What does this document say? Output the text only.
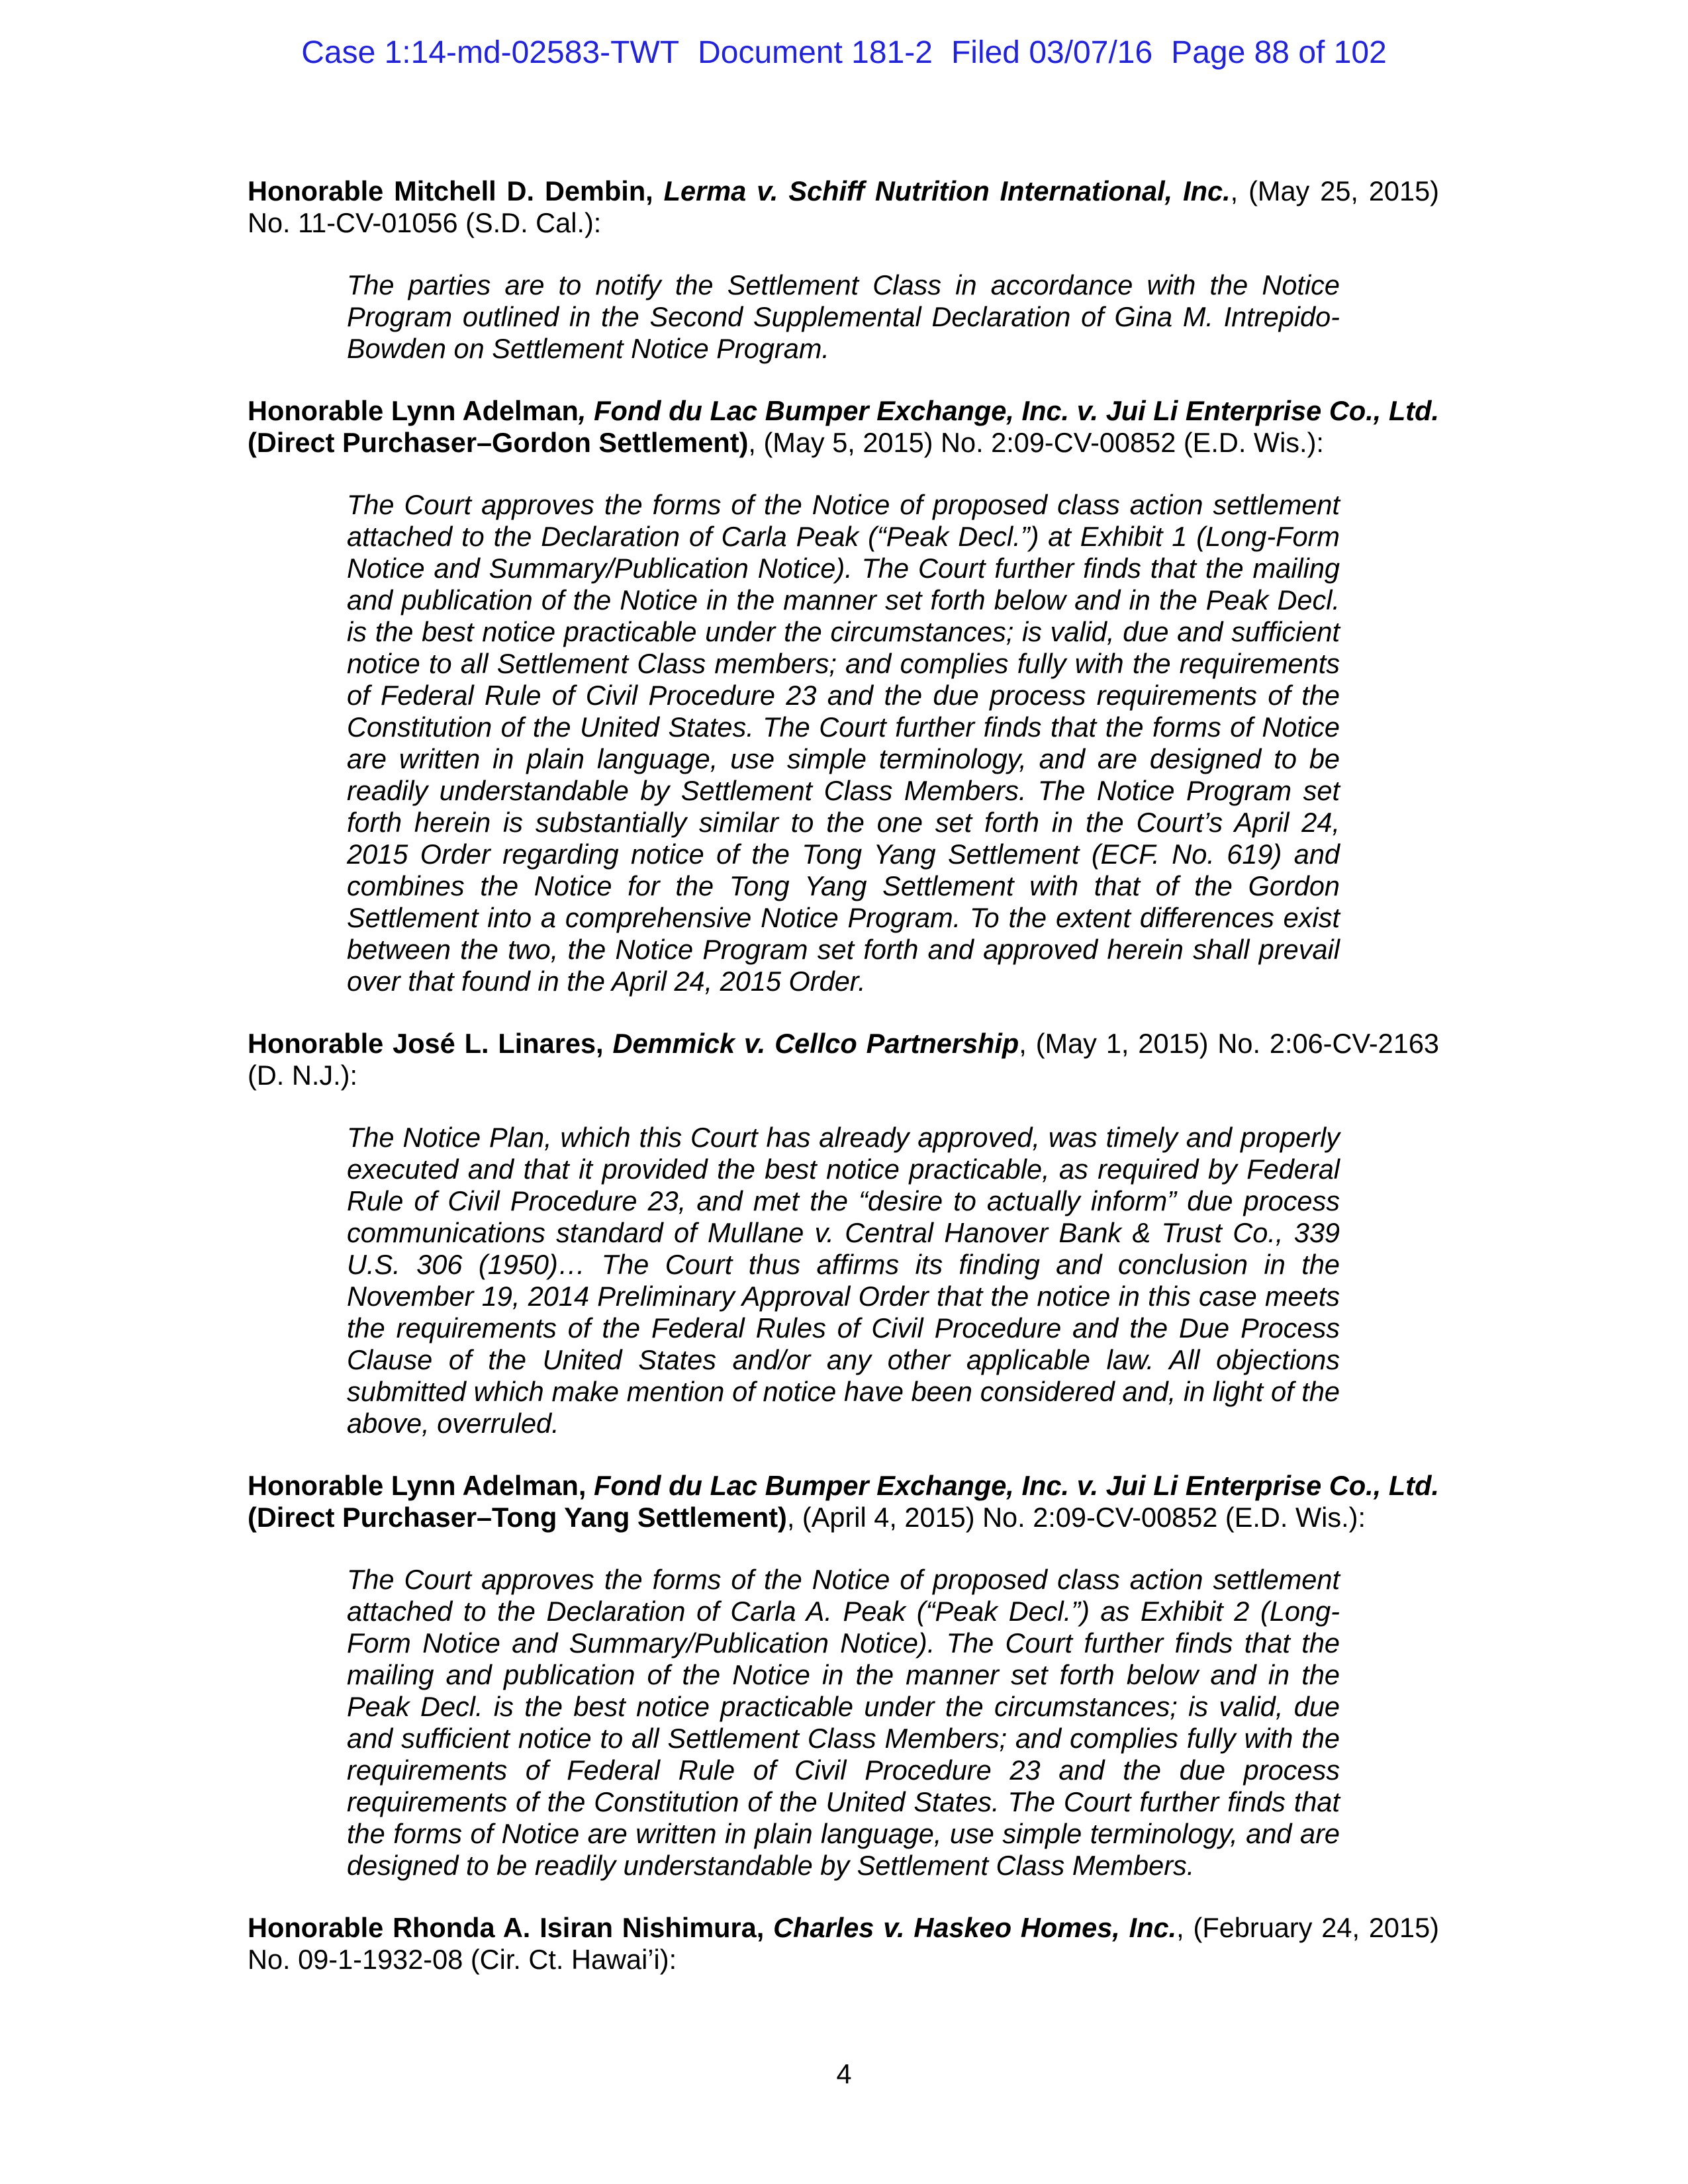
Case 1:14-md-02583-TWT Document 181-2 Filed 03/07/16 Page 88 of 102

Honorable Mitchell D. Dembin, Lerma v. Schiff Nutrition International, Inc., (May 25, 2015) No. 11-CV-01056 (S.D. Cal.):

The parties are to notify the Settlement Class in accordance with the Notice Program outlined in the Second Supplemental Declaration of Gina M. Intrepido-Bowden on Settlement Notice Program.

Honorable Lynn Adelman, Fond du Lac Bumper Exchange, Inc. v. Jui Li Enterprise Co., Ltd. (Direct Purchaser–Gordon Settlement), (May 5, 2015) No. 2:09-CV-00852 (E.D. Wis.):

The Court approves the forms of the Notice of proposed class action settlement attached to the Declaration of Carla Peak (“Peak Decl.”) at Exhibit 1 (Long-Form Notice and Summary/Publication Notice). The Court further finds that the mailing and publication of the Notice in the manner set forth below and in the Peak Decl. is the best notice practicable under the circumstances; is valid, due and sufficient notice to all Settlement Class members; and complies fully with the requirements of Federal Rule of Civil Procedure 23 and the due process requirements of the Constitution of the United States. The Court further finds that the forms of Notice are written in plain language, use simple terminology, and are designed to be readily understandable by Settlement Class Members. The Notice Program set forth herein is substantially similar to the one set forth in the Court’s April 24, 2015 Order regarding notice of the Tong Yang Settlement (ECF. No. 619) and combines the Notice for the Tong Yang Settlement with that of the Gordon Settlement into a comprehensive Notice Program. To the extent differences exist between the two, the Notice Program set forth and approved herein shall prevail over that found in the April 24, 2015 Order.

Honorable José L. Linares, Demmick v. Cellco Partnership, (May 1, 2015) No. 2:06-CV-2163 (D. N.J.):

The Notice Plan, which this Court has already approved, was timely and properly executed and that it provided the best notice practicable, as required by Federal Rule of Civil Procedure 23, and met the “desire to actually inform” due process communications standard of Mullane v. Central Hanover Bank & Trust Co., 339 U.S. 306 (1950)… The Court thus affirms its finding and conclusion in the November 19, 2014 Preliminary Approval Order that the notice in this case meets the requirements of the Federal Rules of Civil Procedure and the Due Process Clause of the United States and/or any other applicable law. All objections submitted which make mention of notice have been considered and, in light of the above, overruled.

Honorable Lynn Adelman, Fond du Lac Bumper Exchange, Inc. v. Jui Li Enterprise Co., Ltd. (Direct Purchaser–Tong Yang Settlement), (April 4, 2015) No. 2:09-CV-00852 (E.D. Wis.):

The Court approves the forms of the Notice of proposed class action settlement attached to the Declaration of Carla A. Peak (“Peak Decl.”) as Exhibit 2 (Long-Form Notice and Summary/Publication Notice). The Court further finds that the mailing and publication of the Notice in the manner set forth below and in the Peak Decl. is the best notice practicable under the circumstances; is valid, due and sufficient notice to all Settlement Class Members; and complies fully with the requirements of Federal Rule of Civil Procedure 23 and the due process requirements of the Constitution of the United States. The Court further finds that the forms of Notice are written in plain language, use simple terminology, and are designed to be readily understandable by Settlement Class Members.

Honorable Rhonda A. Isiran Nishimura, Charles v. Haskeo Homes, Inc., (February 24, 2015) No. 09-1-1932-08 (Cir. Ct. Hawai’i):

4
